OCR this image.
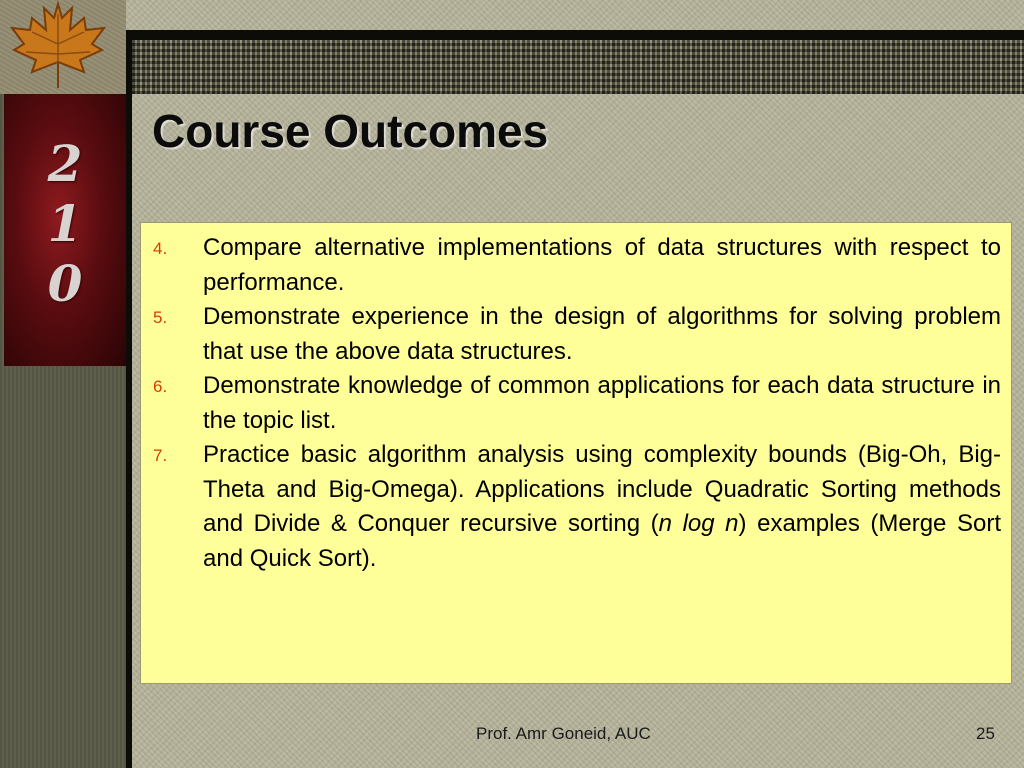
2
1
0
Course Outcomes
4. Compare alternative implementations of data structures with respect to performance.
5. Demonstrate experience in the design of algorithms for solving problem that use the above data structures.
6. Demonstrate knowledge of common applications for each data structure in the topic list.
7. Practice basic algorithm analysis using complexity bounds (Big-Oh, Big-Theta and Big-Omega). Applications include Quadratic Sorting methods and Divide & Conquer recursive sorting (n log n) examples (Merge Sort and Quick Sort).
Prof. Amr Goneid, AUC	25
